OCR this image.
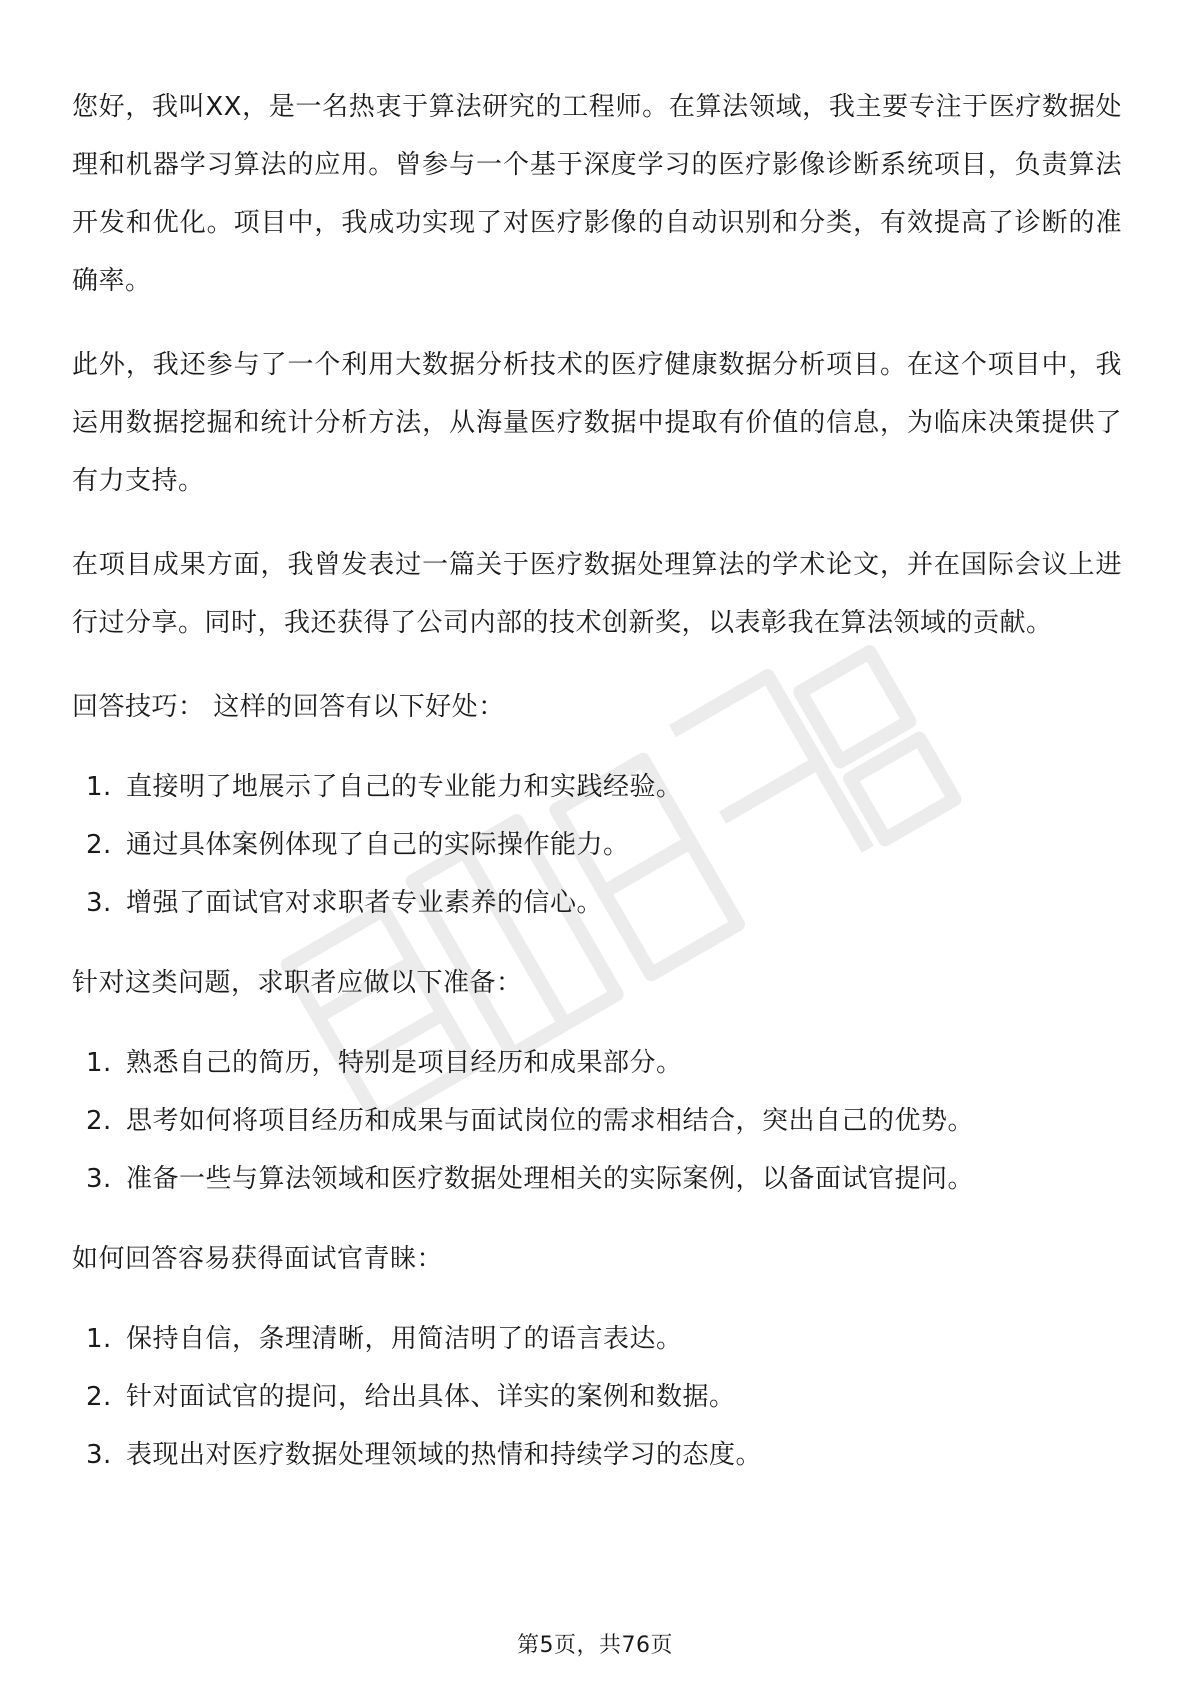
您好，我叫XX，是一名热衷于算法研究的工程师。在算法领域，我主要专注于医疗数据处理和机器学习算法的应用。曾参与一个基于深度学习的医疗影像诊断系统项目，负责算法开发和优化。项目中，我成功实现了对医疗影像的自动识别和分类，有效提高了诊断的准确率。

此外，我还参与了一个利用大数据分析技术的医疗健康数据分析项目。在这个项目中，我运用数据挖掘和统计分析方法，从海量医疗数据中提取有价值的信息，为临床决策提供了有力支持。

在项目成果方面，我曾发表过一篇关于医疗数据处理算法的学术论文，并在国际会议上进行过分享。同时，我还获得了公司内部的技术创新奖，以表彰我在算法领域的贡献。

回答技巧： 这样的回答有以下好处：
1. 直接明了地展示了自己的专业能力和实践经验。
2. 通过具体案例体现了自己的实际操作能力。
3. 增强了面试官对求职者专业素养的信心。
针对这类问题，求职者应做以下准备：
1. 熟悉自己的简历，特别是项目经历和成果部分。
2. 思考如何将项目经历和成果与面试岗位的需求相结合，突出自己的优势。
3. 准备一些与算法领域和医疗数据处理相关的实际案例，以备面试官提问。
如何回答容易获得面试官青睐：
1. 保持自信，条理清晰，用简洁明了的语言表达。
2. 针对面试官的提问，给出具体、详实的案例和数据。
3. 表现出对医疗数据处理领域的热情和持续学习的态度。
第5页，共76页
